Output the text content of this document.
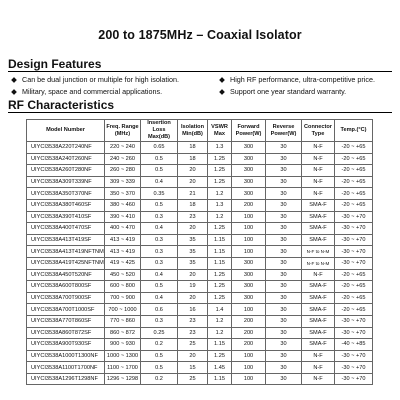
200 to 1875MHz – Coaxial Isolator
Design Features
Can be dual junction or multiple for high isolation.	High RF performance, ultra-competitive price.
Military, space and commercial applications.	Support one year standard warranty.
RF Characteristics
Model Number	Freq. Range (MHz)	Insertion Loss Max(dB)	Isolation Min(dB)	VSWR Max	Forward Power(W)	Reverse Power(W)	Connector Type	Temp.(°C)
UIYCI3538A220T240NF	220 ~ 240	0.65	18	1.3	300	30	N-F	-20 ~ +65
UIYCI3538A240T260NF	240 ~ 260	0.5	18	1.25	300	30	N-F	-20 ~ +65
UIYCI3538A260T280NF	260 ~ 280	0.5	20	1.25	300	30	N-F	-20 ~ +65
UIYCI3538A309T339NF	309 ~ 339	0.4	20	1.25	300	30	N-F	-20 ~ +65
UIYCI3538A350T370NF	350 ~ 370	0.35	21	1.2	300	30	N-F	-20 ~ +65
UIYCI3538A380T460SF	380 ~ 460	0.5	18	1.3	200	30	SMA-F	-20 ~ +65
UIYCI3538A390T410SF	390 ~ 410	0.3	23	1.2	100	30	SMA-F	-30 ~ +70
UIYCI3538A400T470SF	400 ~ 470	0.4	20	1.25	100	30	SMA-F	-30 ~ +70
UIYCI3538A413T419SF	413 ~ 419	0.3	35	1.15	100	30	SMA-F	-30 ~ +70
UIYCI3538A413T419NFTNM	413 ~ 419	0.3	35	1.15	100	30	N-F to N-M	-30 ~ +70
UIYCI3538A419T425NFTNM	419 ~ 425	0.3	35	1.15	300	30	N-F to N-M	-30 ~ +70
UIYCI3538A450T520NF	450 ~ 520	0.4	20	1.25	300	30	N-F	-20 ~ +65
UIYCI3538A600T800SF	600 ~ 800	0.5	19	1.25	300	30	SMA-F	-20 ~ +65
UIYCI3538A700T900SF	700 ~ 900	0.4	20	1.25	300	30	SMA-F	-20 ~ +65
UIYCI3538A700T1000SF	700 ~ 1000	0.6	16	1.4	100	30	SMA-F	-20 ~ +65
UIYCI3538A770T860SF	770 ~ 860	0.3	23	1.2	200	30	SMA-F	-30 ~ +70
UIYCI3538A860T872SF	860 ~ 872	0.25	23	1.2	200	30	SMA-F	-30 ~ +70
UIYCI3538A900T930SF	900 ~ 930	0.2	25	1.15	200	30	SMA-F	-40 ~ +85
UIYCI3538A1000T1300NF	1000 ~ 1300	0.5	20	1.25	100	30	N-F	-30 ~ +70
UIYCI3538A1100T1700NF	1100 ~ 1700	0.5	15	1.45	100	30	N-F	-30 ~ +70
UIYCI3538A1296T1298NF	1296 ~ 1298	0.2	25	1.15	100	30	N-F	-30 ~ +70
